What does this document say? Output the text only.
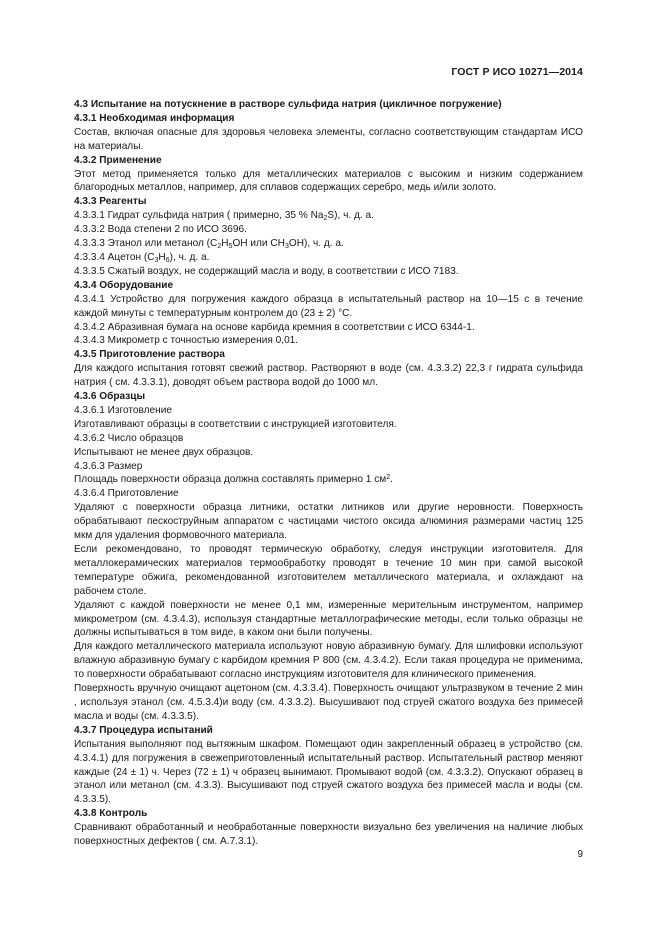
ГОСТ Р ИСО 10271—2014

4.3 Испытание на потускнение в растворе сульфида натрия (цикличное погружение)

4.3.1 Необходимая информация

Состав, включая опасные для здоровья человека элементы, согласно соответствующим стандартам ИСО на материалы.

4.3.2 Применение

Этот метод применяется только для металлических материалов с высоким и низким содержанием благородных металлов, например, для сплавов содержащих серебро, медь и/или золото.

4.3.3 Реагенты

4.3.3.1 Гидрат сульфида натрия ( примерно, 35 % $Na_2S$), ч. д. а.

4.3.3.2 Вода степени 2 по ИСО 3696.

4.3.3.3 Этанол или метанол ($C_2H_5OH$ или $CH_3OH$), ч. д. а.

4.3.3.4 Ацетон $(C_3H_6)$, ч. д. а.

4.3.3.5 Сжатый воздух, не содержащий масла и воду, в соответствии с ИСО 7183.

4.3.4 Оборудование

4.3.4.1 Устройство для погружения каждого образца в испытательный раствор на 10—15 с в течение каждой минуты с температурным контролем до (23 ± 2) °С.

4.3.4.2 Абразивная бумага на основе карбида кремния в соответствии с ИСО 6344-1.

4.3.4.3 Микрометр с точностью измерения 0,01.

4.3.5 Приготовление раствора

Для каждого испытания готовят свежий раствор. Растворяют в воде (см. 4.3.3.2) 22,3 г гидрата сульфида натрия ( см. 4.3.3.1), доводят объем раствора водой до 1000 мл.

4.3.6 Образцы

4.3.6.1 Изготовление

Изготавливают образцы в соответствии с инструкцией изготовителя.

4.3.6.2 Число образцов

Испытывают не менее двух образцов.

4.3.6.3 Размер

Площадь поверхности образца должна составлять примерно 1 $см^2$.

4.3.6.4 Приготовление

Удаляют с поверхности образца литники, остатки литников или другие неровности. Поверхность обрабатывают пескоструйным аппаратом с частицами чистого оксида алюминия размерами частиц 125 мкм для удаления формовочного материала.

Если рекомендовано, то проводят термическую обработку, следуя инструкции изготовителя. Для металлокерамических материалов термообработку проводят в течение 10 мин при самой высокой температуре обжига, рекомендованной изготовителем металлического материала, и охлаждают на рабочем столе.

Удаляют с каждой поверхности не менее 0,1 мм, измеренные мерительным инструментом, например микрометром (см. 4.3.4.3), используя стандартные металлографические методы, если только образцы не должны испытываться в том виде, в каком они были получены.

Для каждого металлического материала используют новую абразивную бумагу. Для шлифовки используют влажную абразивную бумагу с карбидом кремния Р 800 (см. 4.3.4.2). Если такая процедура не применима, то поверхности обрабатывают согласно инструкциям изготовителя для клинического применения.

Поверхность вручную очищают ацетоном (см. 4.3.3.4). Поверхность очищают ультразвуком в течение 2 мин , используя этанол (см. 4.5.3.4)и воду (см. 4.3.3.2). Высушивают под струей сжатого воздуха без примесей масла и воды (см. 4.3.3.5).

4.3.7 Процедура испытаний

Испытания выполняют под вытяжным шкафом. Помещают один закрепленный образец в устройство (см. 4.3.4.1) для погружения в свежеприготовленный испытательный раствор. Испытательный раствор меняют каждые (24 ± 1) ч. Через (72 ± 1) ч образец вынимают. Промывают водой (см. 4.3.3.2). Опускают образец в этанол или метанол (см. 4.3.3). Высушивают под струей сжатого воздуха без примесей масла и воды (см. 4.3.3.5).

4.3.8 Контроль

Сравнивают обработанный и необработанные поверхности визуально без увеличения на наличие любых поверхностных дефектов ( см. А.7.3.1).

9
